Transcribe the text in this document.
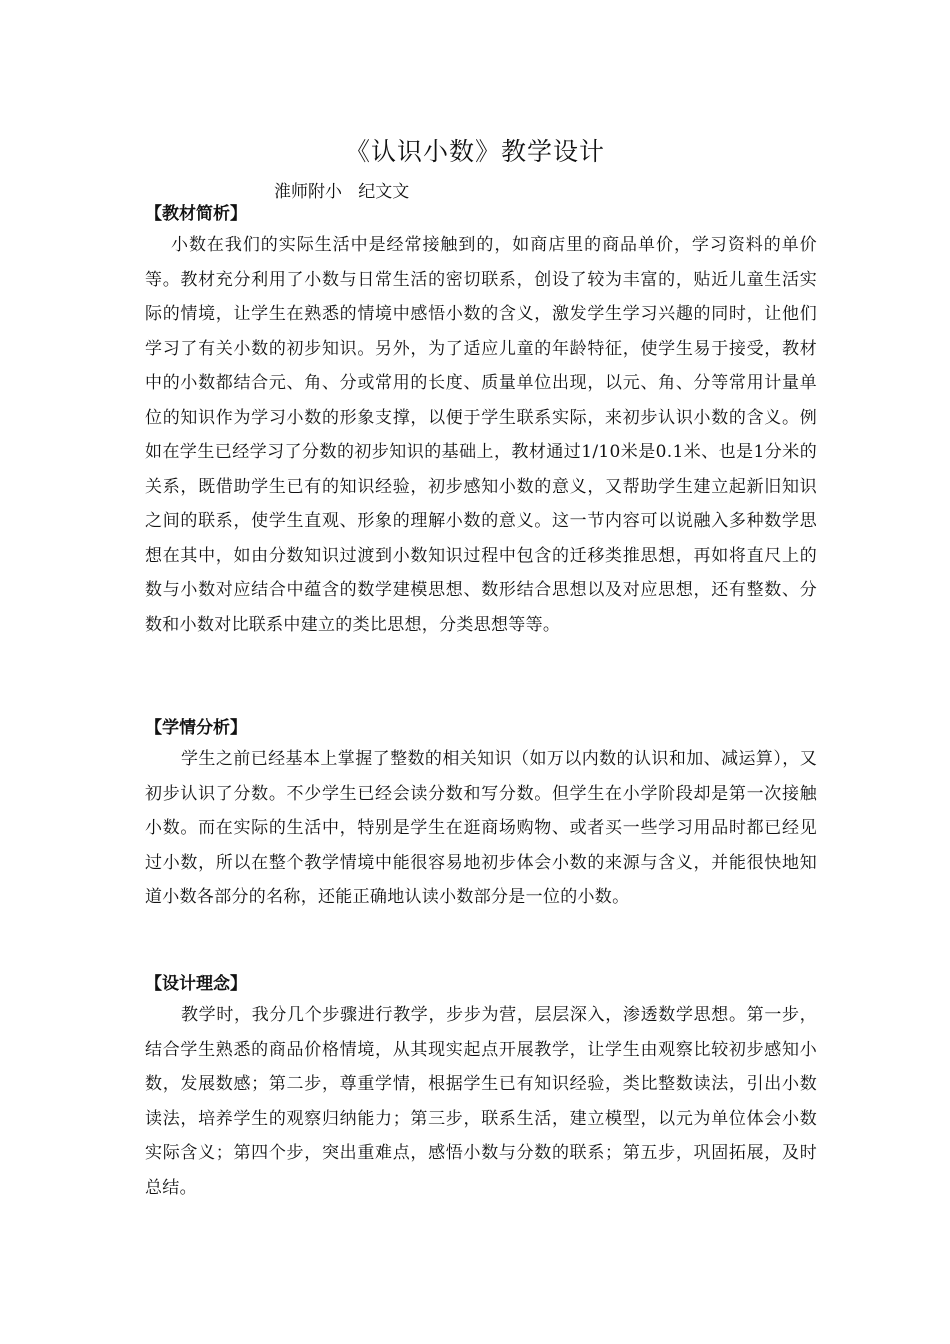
《认识小数》教学设计

淮师附小   纪文文

【教材简析】

小数在我们的实际生活中是经常接触到的，如商店里的商品单价，学习资料的单价等。教材充分利用了小数与日常生活的密切联系，创设了较为丰富的，贴近儿童生活实际的情境，让学生在熟悉的情境中感悟小数的含义，激发学生学习兴趣的同时，让他们学习了有关小数的初步知识。另外，为了适应儿童的年龄特征，使学生易于接受，教材中的小数都结合元、角、分或常用的长度、质量单位出现，以元、角、分等常用计量单位的知识作为学习小数的形象支撑，以便于学生联系实际，来初步认识小数的含义。例如在学生已经学习了分数的初步知识的基础上，教材通过1/10米是0.1米、也是1分米的关系，既借助学生已有的知识经验，初步感知小数的意义，又帮助学生建立起新旧知识之间的联系，使学生直观、形象的理解小数的意义。这一节内容可以说融入多种数学思想在其中，如由分数知识过渡到小数知识过程中包含的迁移类推思想，再如将直尺上的数与小数对应结合中蕴含的数学建模思想、数形结合思想以及对应思想，还有整数、分数和小数对比联系中建立的类比思想，分类思想等等。

【学情分析】

学生之前已经基本上掌握了整数的相关知识（如万以内数的认识和加、减运算），又初步认识了分数。不少学生已经会读分数和写分数。但学生在小学阶段却是第一次接触小数。而在实际的生活中，特别是学生在逛商场购物、或者买一些学习用品时都已经见过小数，所以在整个教学情境中能很容易地初步体会小数的来源与含义，并能很快地知道小数各部分的名称，还能正确地认读小数部分是一位的小数。

【设计理念】

教学时，我分几个步骤进行教学，步步为营，层层深入，渗透数学思想。第一步，结合学生熟悉的商品价格情境，从其现实起点开展教学，让学生由观察比较初步感知小数，发展数感；第二步，尊重学情，根据学生已有知识经验，类比整数读法，引出小数读法，培养学生的观察归纳能力；第三步，联系生活，建立模型，以元为单位体会小数实际含义；第四个步，突出重难点，感悟小数与分数的联系；第五步，巩固拓展，及时总结。
